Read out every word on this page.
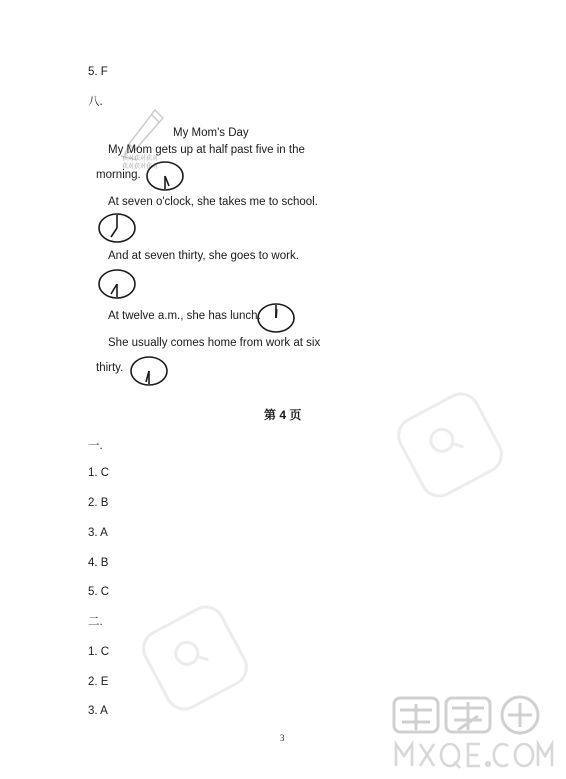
5. F
八.
获对获对获对
获对获对获对
My Mom's Day
My Mom gets up at half past five in the
morning.
At seven o'clock, she takes me to school.
And at seven thirty, she goes to work.
At twelve a.m., she has lunch.
She usually comes home from work at six
thirty.
第 4 页
一.
1. C
2. B
3. A
4. B
5. C
二.
1. C
2. E
3. A
3
